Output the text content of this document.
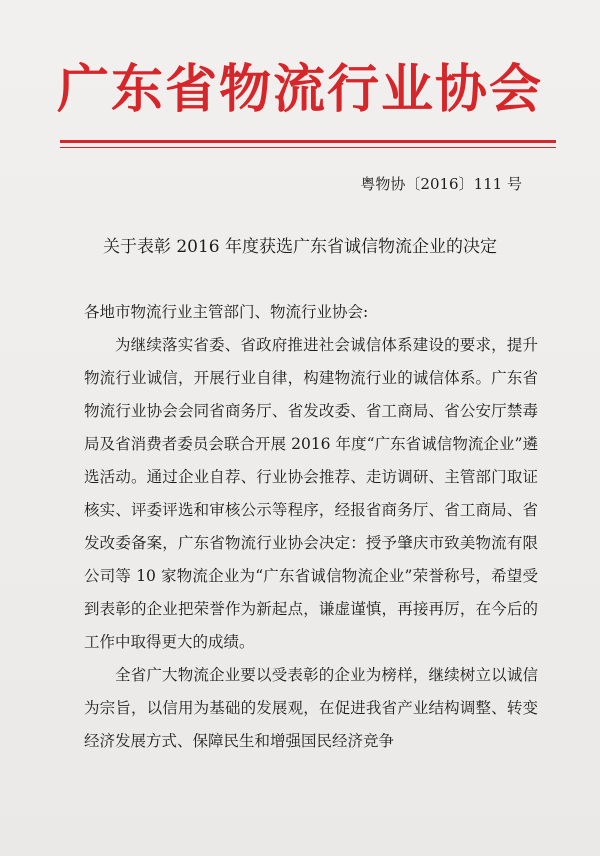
广东省物流行业协会
粤物协〔2016〕111 号
关于表彰 2016 年度获选广东省诚信物流企业的决定

各地市物流行业主管部门、物流行业协会:

为继续落实省委、省政府推进社会诚信体系建设的要求，提升物流行业诚信，开展行业自律，构建物流行业的诚信体系。广东省物流行业协会会同省商务厅、省发改委、省工商局、省公安厅禁毒局及省消费者委员会联合开展 2016 年度“广东省诚信物流企业”遴选活动。通过企业自荐、行业协会推荐、走访调研、主管部门取证核实、评委评选和审核公示等程序，经报省商务厅、省工商局、省发改委备案，广东省物流行业协会决定：授予肇庆市致美物流有限公司等 10 家物流企业为“广东省诚信物流企业”荣誉称号，希望受到表彰的企业把荣誉作为新起点，谦虚谨慎，再接再厉，在今后的工作中取得更大的成绩。

全省广大物流企业要以受表彰的企业为榜样，继续树立以诚信为宗旨，以信用为基础的发展观，在促进我省产业结构调整、转变经济发展方式、保障民生和增强国民经济竞争
